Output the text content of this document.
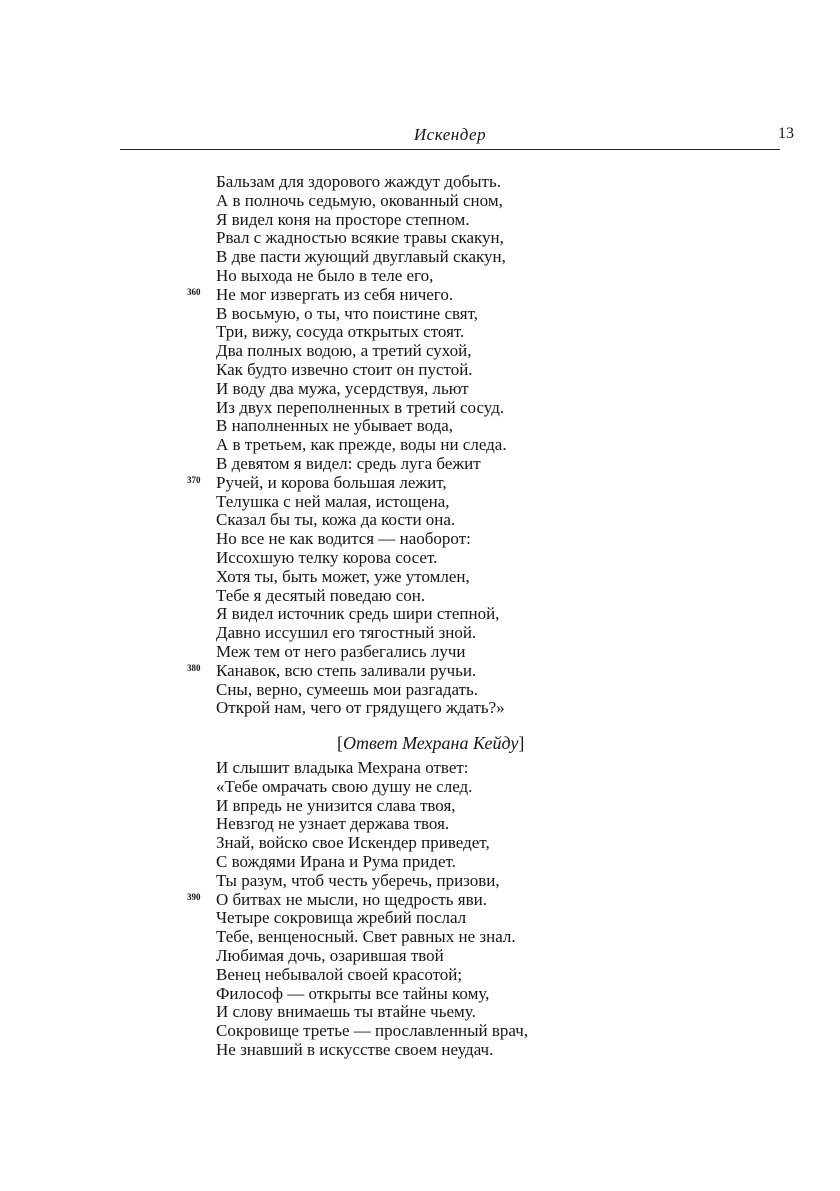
Искендер	13
Бальзам для здорового жаждут добыть.
А в полночь седьмую, окованный сном,
Я видел коня на просторе степном.
Рвал с жадностью всякие травы скакун,
В две пасти жующий двуглавый скакун,
Но выхода не было в теле его,
360 Не мог извергать из себя ничего.
В восьмую, о ты, что поистине свят,
Три, вижу, сосуда открытых стоят.
Два полных водою, а третий сухой,
Как будто извечно стоит он пустой.
И воду два мужа, усердствуя, льют
Из двух переполненных в третий сосуд.
В наполненных не убывает вода,
А в третьем, как прежде, воды ни следа.
В девятом я видел: средь луга бежит
370 Ручей, и корова большая лежит,
Телушка с ней малая, истощена,
Сказал бы ты, кожа да кости она.
Но все не как водится — наоборот:
Иссохшую телку корова сосет.
Хотя ты, быть может, уже утомлен,
Тебе я десятый поведаю сон.
Я видел источник средь шири степной,
Давно иссушил его тягостный зной.
Меж тем от него разбегались лучи
380 Канавок, всю степь заливали ручьи.
Сны, верно, сумеешь мои разгадать.
Открой нам, чего от грядущего ждать?»
[Ответ Мехрана Кейду]
И слышит владыка Мехрана ответ:
«Тебе омрачать свою душу не след.
И впредь не унизится слава твоя,
Невзгод не узнает держава твоя.
Знай, войско свое Искендер приведет,
С вождями Ирана и Рума придет.
Ты разум, чтоб честь уберечь, призови,
390 О битвах не мысли, но щедрость яви.
Четыре сокровища жребий послал
Тебе, венценосный. Свет равных не знал.
Любимая дочь, озарившая твой
Венец небывалой своей красотой;
Философ — открыты все тайны кому,
И слову внимаешь ты втайне чьему.
Сокровище третье — прославленный врач,
Не знавший в искусстве своем неудач.
